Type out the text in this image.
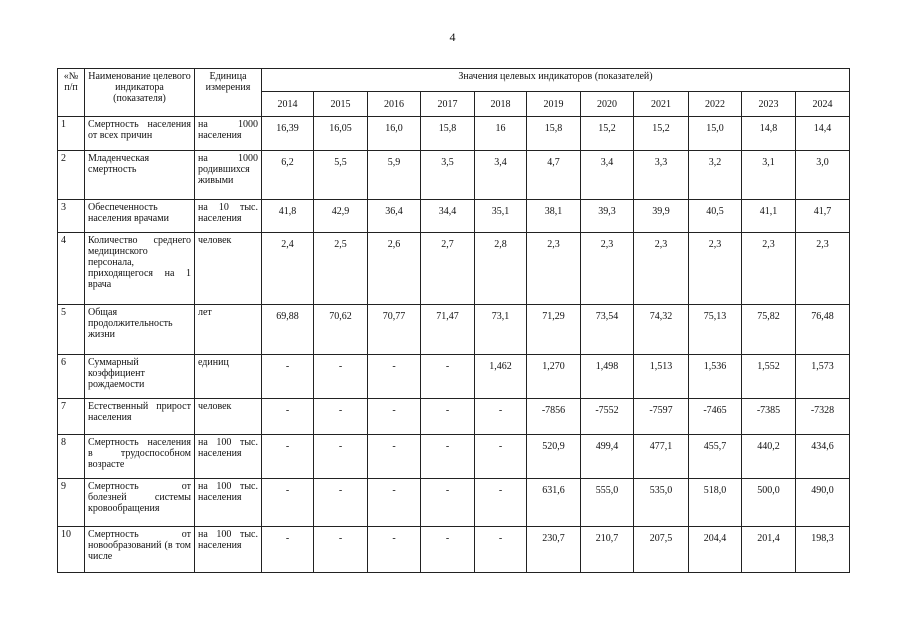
4
«№ п/п	Наименование целевого индикатора (показателя)	Единица измерения	Значения целевых индикаторов (показателей)										
			2014	2015	2016	2017	2018	2019	2020	2021	2022	2023	2024
1	Смертность населения от всех причин	на 1000 населения	16,39	16,05	16,0	15,8	16	15,8	15,2	15,2	15,0	14,8	14,4
2	Младенческая смертность	на 1000 родившихся живыми	6,2	5,5	5,9	3,5	3,4	4,7	3,4	3,3	3,2	3,1	3,0
3	Обеспеченность населения врачами	на 10 тыс. населения	41,8	42,9	36,4	34,4	35,1	38,1	39,3	39,9	40,5	41,1	41,7
4	Количество среднего медицинского персонала, приходящегося на 1 врача	человек	2,4	2,5	2,6	2,7	2,8	2,3	2,3	2,3	2,3	2,3	2,3
5	Общая продолжительность жизни	лет	69,88	70,62	70,77	71,47	73,1	71,29	73,54	74,32	75,13	75,82	76,48
6	Суммарный коэффициент рождаемости	единиц	-	-	-	-	1,462	1,270	1,498	1,513	1,536	1,552	1,573
7	Естественный прирост населения	человек	-	-	-	-	-	-7856	-7552	-7597	-7465	-7385	-7328
8	Смертность населения в трудоспособном возрасте	на 100 тыс. населения	-	-	-	-	-	520,9	499,4	477,1	455,7	440,2	434,6
9	Смертность от болезней системы кровообращения	на 100 тыс. населения	-	-	-	-	-	631,6	555,0	535,0	518,0	500,0	490,0
10	Смертность от новообразований (в том числе	на 100 тыс. населения	-	-	-	-	-	230,7	210,7	207,5	204,4	201,4	198,3
